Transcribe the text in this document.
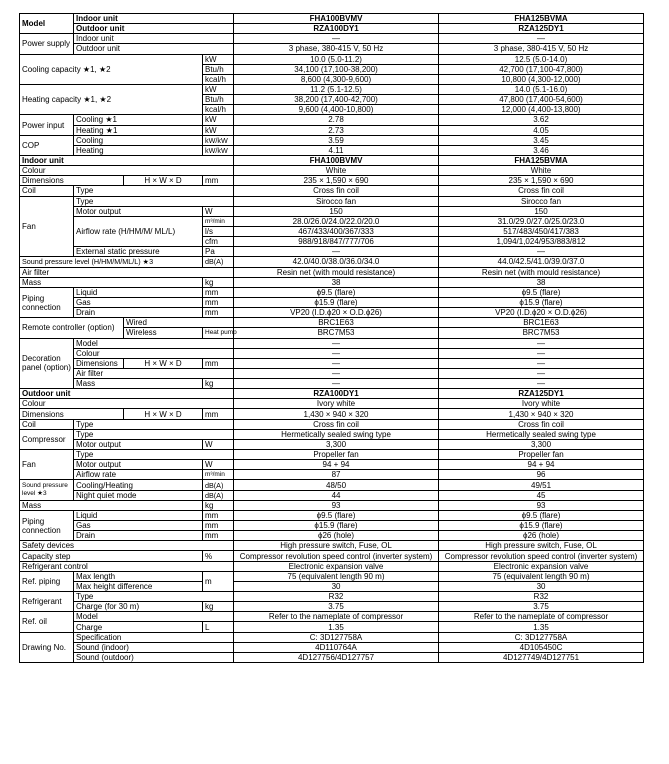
Model	Indoor unit			FHA100BVMV	FHA125BVMA
	Outdoor unit			RZA100DY1	RZA125DY1
Power supply	Indoor unit			—	—
	Outdoor unit			3 phase, 380-415 V, 50 Hz	3 phase, 380-415 V, 50 Hz
Cooling capacity ★1, ★2			kW	10.0 (5.0-11.2)	12.5 (5.0-14.0)
			Btu/h	34,100 (17,100-38,200)	42,700 (17,100-47,800)
			kcal/h	8,600 (4,300-9,600)	10,800 (4,300-12,000)
Heating capacity ★1, ★2			kW	11.2 (5.1-12.5)	14.0 (5.1-16.0)
			Btu/h	38,200 (17,400-42,700)	47,800 (17,400-54,600)
			kcal/h	9,600 (4,400-10,800)	12,000 (4,400-13,800)
Power input	Cooling ★1		kW	2.78	3.62
	Heating ★1		kW	2.73	4.05
COP	Cooling		kW/kW	3.59	3.45
	Heating		kW/kW	4.11	3.46
Indoor unit				FHA100BVMV	FHA125BVMA
Colour				White	White
Dimensions		H × W × D	mm	235 × 1,590 × 690	235 × 1,590 × 690
Coil	Type			Cross fin coil	Cross fin coil
Fan	Type			Sirocco fan	Sirocco fan
	Motor output		W	150	150
	Airflow rate (H/HM/M/ ML/L)		m³/min	28.0/26.0/24.0/22.0/20.0	31.0/29.0/27.0/25.0/23.0
			l/s	467/433/400/367/333	517/483/450/417/383
			cfm	988/918/847/777/706	1,094/1,024/953/883/812
	External static pressure		Pa	—	—
Sound pressure level (H/HM/M/ML/L) ★3			dB(A)	42.0/40.0/38.0/36.0/34.0	44.0/42.5/41.0/39.0/37.0
Air filter				Resin net (with mould resistance)	Resin net (with mould resistance)
Mass			kg	38	38
Piping connection	Liquid		mm	ϕ9.5 (flare)	ϕ9.5 (flare)
	Gas		mm	ϕ15.9 (flare)	ϕ15.9 (flare)
	Drain		mm	VP20 (I.D.ϕ20 × O.D.ϕ26)	VP20 (I.D.ϕ20 × O.D.ϕ26)
Remote controller (option)		Wired		BRC1E63	BRC1E63
		Wireless	Heat pump	BRC7M53	BRC7M53
Decoration panel (option)	Model			—	—
	Colour			—	—
	Dimensions	H × W × D	mm	—	—
	Air filter			—	—
	Mass		kg	—	—
Outdoor unit				RZA100DY1	RZA125DY1
Colour				Ivory white	Ivory white
Dimensions		H × W × D	mm	1,430 × 940 × 320	1,430 × 940 × 320
Coil	Type			Cross fin coil	Cross fin coil
Compressor	Type			Hermetically sealed swing type	Hermetically sealed swing type
	Motor output		W	3,300	3,300
Fan	Type			Propeller fan	Propeller fan
	Motor output		W	94 + 94	94 + 94
	Airflow rate		m³/min	87	96
Sound pressure level ★3	Cooling/Heating		dB(A)	48/50	49/51
	Night quiet mode		dB(A)	44	45
Mass			kg	93	93
Piping connection	Liquid		mm	ϕ9.5 (flare)	ϕ9.5 (flare)
	Gas		mm	ϕ15.9 (flare)	ϕ15.9 (flare)
	Drain		mm	ϕ26 (hole)	ϕ26 (hole)
Safety devices				High pressure switch, Fuse, OL	High pressure switch, Fuse, OL
Capacity step			%	Compressor revolution speed control (inverter system)	Compressor revolution speed control (inverter system)
Refrigerant control				Electronic expansion valve	Electronic expansion valve
Ref. piping	Max length		m	75 (equivalent length 90 m)	75 (equivalent length 90 m)
	Max height difference			30	30
Refrigerant	Type			R32	R32
	Charge (for 30 m)		kg	3.75	3.75
Ref. oil	Model			Refer to the nameplate of compressor	Refer to the nameplate of compressor
	Charge		L	1.35	1.35
Drawing No.	Specification			C: 3D127758A	C: 3D127758A
	Sound (indoor)			4D110764A	4D105450C
	Sound (outdoor)			4D127756/4D127757	4D127749/4D127751
